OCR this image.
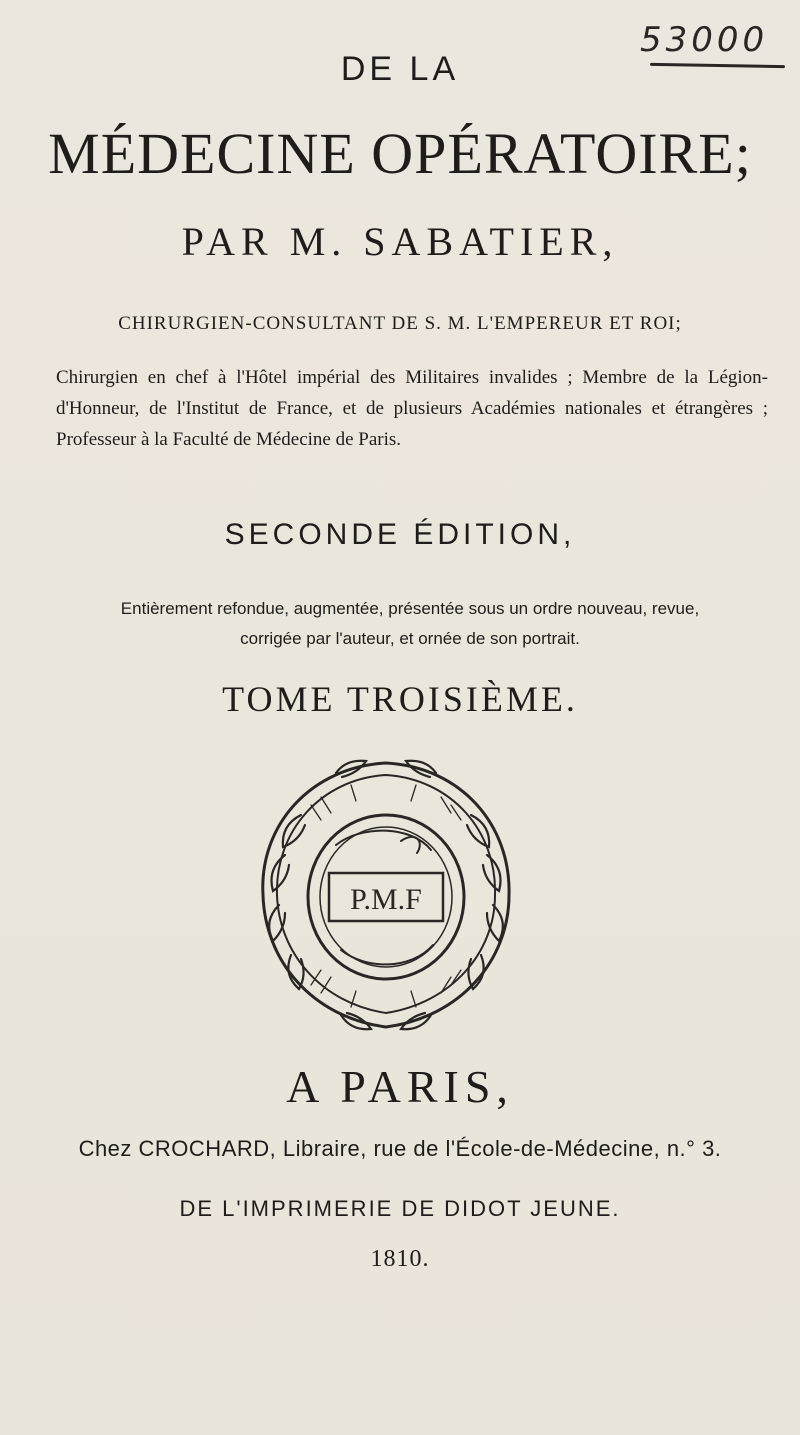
53000
DE LA
MÉDECINE OPÉRATOIRE;
PAR M. SABATIER,
CHIRURGIEN-CONSULTANT DE S. M. L'EMPEREUR ET ROI;
Chirurgien en chef à l'Hôtel impérial des Militaires invalides ; Membre de la Légion-d'Honneur, de l'Institut de France, et de plusieurs Académies nationales et étrangères ; Professeur à la Faculté de Médecine de Paris.
SECONDE ÉDITION,
Entièrement refondue, augmentée, présentée sous un ordre nouveau, revue,
corrigée par l'auteur, et ornée de son portrait.
TOME TROISIÈME.
P.M.F
A PARIS,
Chez CROCHARD, Libraire, rue de l'École-de-Médecine, n.° 3.
DE L'IMPRIMERIE DE DIDOT JEUNE.
1810.
